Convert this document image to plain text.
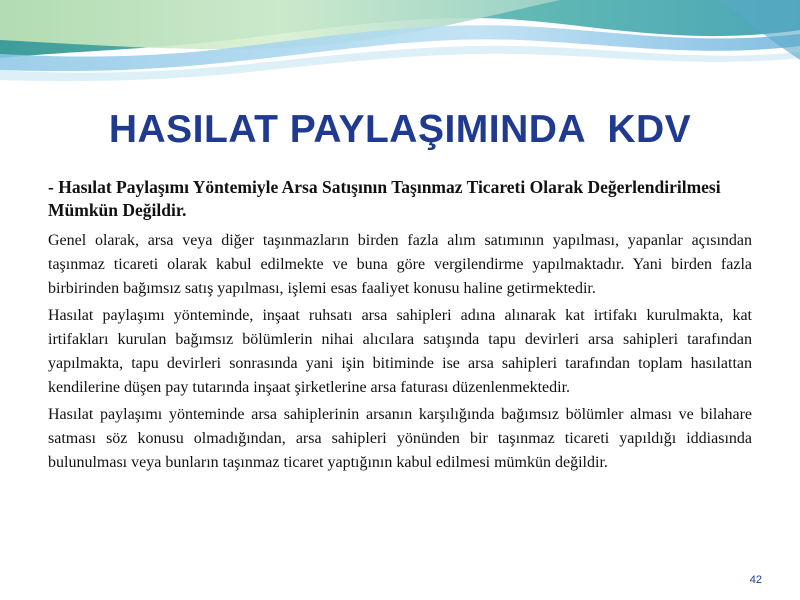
HASILAT PAYLAŞIMINDA  KDV

- Hasılat Paylaşımı Yöntemiyle Arsa Satışının Taşınmaz Ticareti Olarak Değerlendirilmesi Mümkün Değildir.

Genel olarak, arsa veya diğer taşınmazların birden fazla alım satımının yapılması, yapanlar açısından taşınmaz ticareti olarak kabul edilmekte ve buna göre vergilendirme yapılmaktadır. Yani birden fazla birbirinden bağımsız satış yapılması, işlemi esas faaliyet konusu haline getirmektedir.

Hasılat paylaşımı yönteminde, inşaat ruhsatı arsa sahipleri adına alınarak kat irtifakı kurulmakta, kat irtifakları kurulan bağımsız bölümlerin nihai alıcılara satışında tapu devirleri arsa sahipleri tarafından yapılmakta, tapu devirleri sonrasında yani işin bitiminde ise arsa sahipleri tarafından toplam hasılattan kendilerine düşen pay tutarında inşaat şirketlerine arsa faturası düzenlenmektedir.

Hasılat paylaşımı yönteminde arsa sahiplerinin arsanın karşılığında bağımsız bölümler alması ve bilahare satması söz konusu olmadığından, arsa sahipleri yönünden bir taşınmaz ticareti yapıldığı iddiasında bulunulması veya bunların taşınmaz ticaret yaptığının kabul edilmesi mümkün değildir.

42
